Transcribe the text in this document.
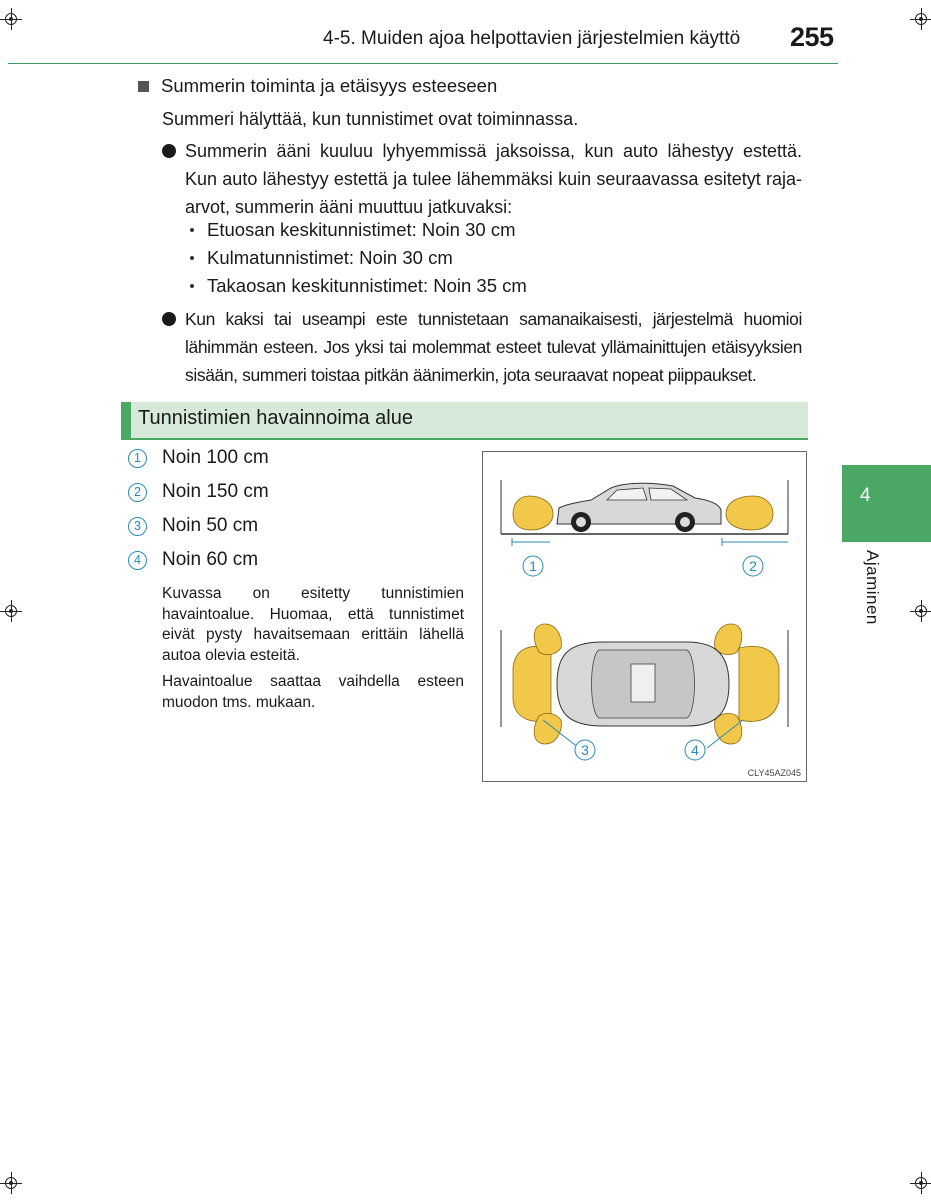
4-5. Muiden ajoa helpottavien järjestelmien käyttö 255
Summerin toiminta ja etäisyys esteeseen
Summeri hälyttää, kun tunnistimet ovat toiminnassa.
Summerin ääni kuuluu lyhyemmissä jaksoissa, kun auto lähestyy estettä. Kun auto lähestyy estettä ja tulee lähemmäksi kuin seuraavassa esitetyt raja-arvot, summerin ääni muuttuu jatkuvaksi:
Etuosan keskitunnistimet: Noin 30 cm
Kulmatunnistimet: Noin 30 cm
Takaosan keskitunnistimet: Noin 35 cm
Kun kaksi tai useampi este tunnistetaan samanaikaisesti, järjestelmä huomioi lähimmän esteen. Jos yksi tai molemmat esteet tulevat yllämainittujen etäisyyksien sisään, summeri toistaa pitkän äänimerkin, jota seuraavat nopeat piippaukset.
Tunnistimien havainnoima alue
1	Noin 100 cm
2	Noin 150 cm
3	Noin 50 cm
4	Noin 60 cm
Kuvassa on esitetty tunnistimien havaintoalue. Huomaa, että tunnistimet eivät pysty havaitsemaan erittäin lähellä autoa olevia esteitä.
Havaintoalue saattaa vaihdella esteen muodon tms. mukaan.
1	2
3	4
CLY45AZ045
4
Ajaminen
